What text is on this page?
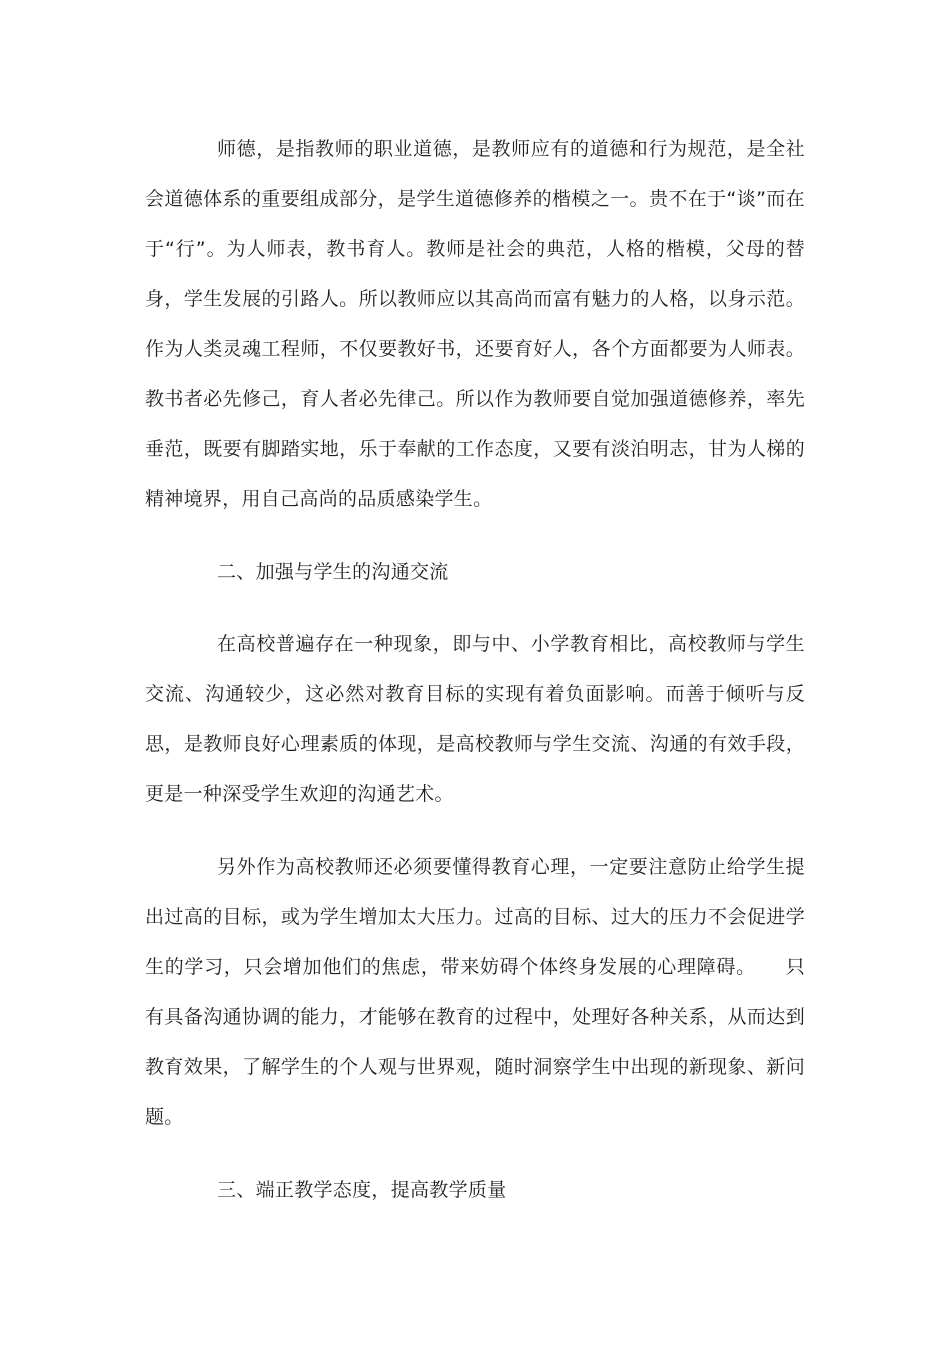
师德，是指教师的职业道德，是教师应有的道德和行为规范，是全社会道德体系的重要组成部分，是学生道德修养的楷模之一。贵不在于“谈”而在于“行”。为人师表，教书育人。教师是社会的典范，人格的楷模，父母的替身，学生发展的引路人。所以教师应以其高尚而富有魅力的人格，以身示范。作为人类灵魂工程师，不仅要教好书，还要育好人，各个方面都要为人师表。教书者必先修己，育人者必先律己。所以作为教师要自觉加强道德修养，率先垂范，既要有脚踏实地，乐于奉献的工作态度，又要有淡泊明志，甘为人梯的精神境界，用自己高尚的品质感染学生。

二、加强与学生的沟通交流

在高校普遍存在一种现象，即与中、小学教育相比，高校教师与学生交流、沟通较少，这必然对教育目标的实现有着负面影响。而善于倾听与反思，是教师良好心理素质的体现，是高校教师与学生交流、沟通的有效手段，更是一种深受学生欢迎的沟通艺术。

另外作为高校教师还必须要懂得教育心理，一定要注意防止给学生提出过高的目标，或为学生增加太大压力。过高的目标、过大的压力不会促进学生的学习，只会增加他们的焦虑，带来妨碍个体终身发展的心理障碍。　　只有具备沟通协调的能力，才能够在教育的过程中，处理好各种关系，从而达到教育效果，了解学生的个人观与世界观，随时洞察学生中出现的新现象、新问题。

三、端正教学态度，提高教学质量
